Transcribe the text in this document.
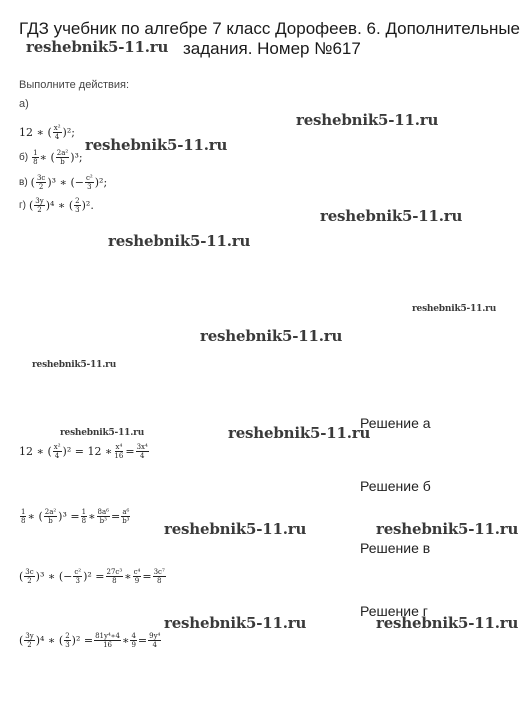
ГДЗ учебник по алгебре 7 класс Дорофеев. 6. Дополнительные
задания. Номер №617
reshebnik5-11.ru
Выполните действия:
а)
12 ∗ ( $\frac{\text{x²}}{4} )^2$;
$б) \frac{1}{8}$ ∗ ( $\frac{\text{2a²}}{b} )^3$;
в) ( $\frac{3c}{2} )^3$ ∗ (− $\frac{\text{c²}}{3} )^2$;
г) ( $\frac{3y}{2} )^4$ ∗ ( $\frac{2}{3} )^2$.
reshebnik5-11.ru
reshebnik5-11.ru
reshebnik5-11.ru
reshebnik5-11.ru
reshebnik5-11.ru
reshebnik5-11.ru
reshebnik5-11.ru
reshebnik5-11.ru	reshebnik5-11.ru
reshebnik5-11.ru	reshebnik5-11.ru
reshebnik5-11.ru	reshebnik5-11.ru
Решение а
12 ∗ ( $\frac{\text{x²}}{4} )^2 = 12$ ∗ $\frac{\text{x⁴}}{16} = \frac{\text{3x⁴}}{4}$
Решение б
$\frac{1}{8}$ ∗ ( $\frac{\text{2a²}}{b} )^3 = \frac{1}{8}$ ∗ $\frac{\text{8a⁶}}{\text{b³}} = \frac{\text{a⁶}}{\text{b³}}$
Решение в
( $\frac{3c}{2} )^3$ ∗ (− $\frac{\text{c²}}{3} )^2 = \frac{\text{27c³}}{8}$ ∗ $\frac{\text{c⁴}}{9} = \frac{\text{3c⁷}}{8}$
Решение г
( $\frac{3y}{2} )^4$ ∗ ( $\frac{2}{3} )^2 = \frac{\text{81y⁴∗4}}{16}$ ∗ $\frac{4}{9} = \frac{\text{9y⁴}}{4}$
